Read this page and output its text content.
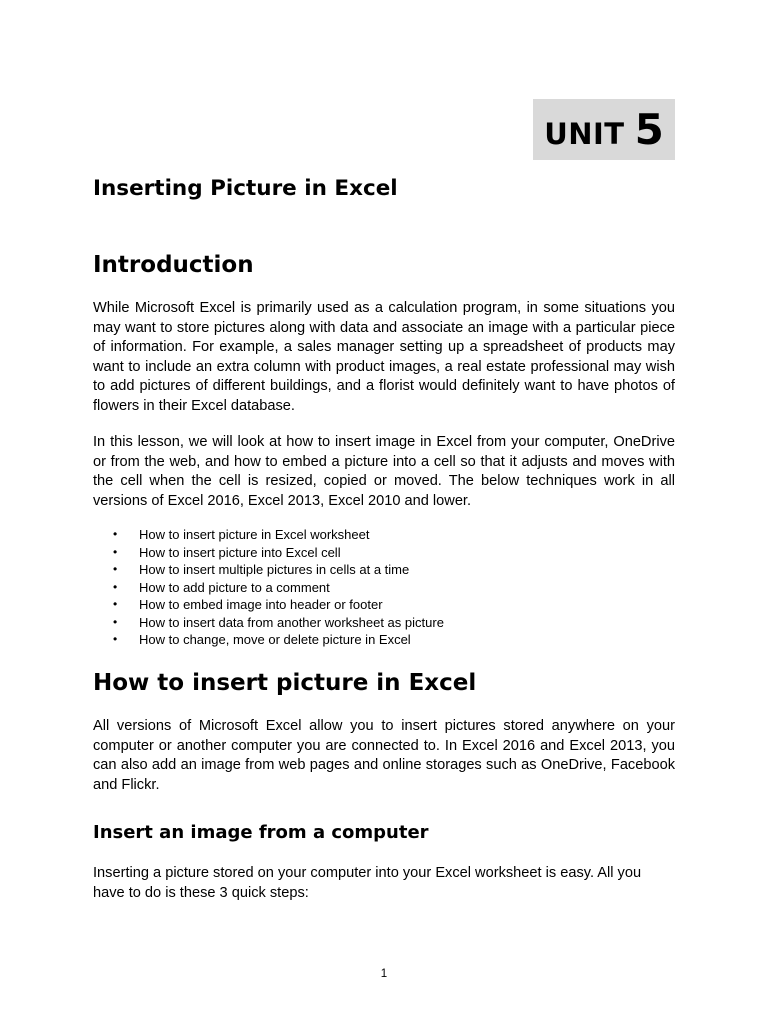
UNIT 5
Inserting Picture in Excel
Introduction

While Microsoft Excel is primarily used as a calculation program, in some situations you may want to store pictures along with data and associate an image with a particular piece of information. For example, a sales manager setting up a spreadsheet of products may want to include an extra column with product images, a real estate professional may wish to add pictures of different buildings, and a florist would definitely want to have photos of flowers in their Excel database.

In this lesson, we will look at how to insert image in Excel from your computer, OneDrive or from the web, and how to embed a picture into a cell so that it adjusts and moves with the cell when the cell is resized, copied or moved. The below techniques work in all versions of Excel 2016, Excel 2013, Excel 2010 and lower.

• How to insert picture in Excel worksheet
• How to insert picture into Excel cell
• How to insert multiple pictures in cells at a time
• How to add picture to a comment
• How to embed image into header or footer
• How to insert data from another worksheet as picture
• How to change, move or delete picture in Excel
How to insert picture in Excel

All versions of Microsoft Excel allow you to insert pictures stored anywhere on your computer or another computer you are connected to. In Excel 2016 and Excel 2013, you can also add an image from web pages and online storages such as OneDrive, Facebook and Flickr.

Insert an image from a computer

Inserting a picture stored on your computer into your Excel worksheet is easy. All you have to do is these 3 quick steps:

1
